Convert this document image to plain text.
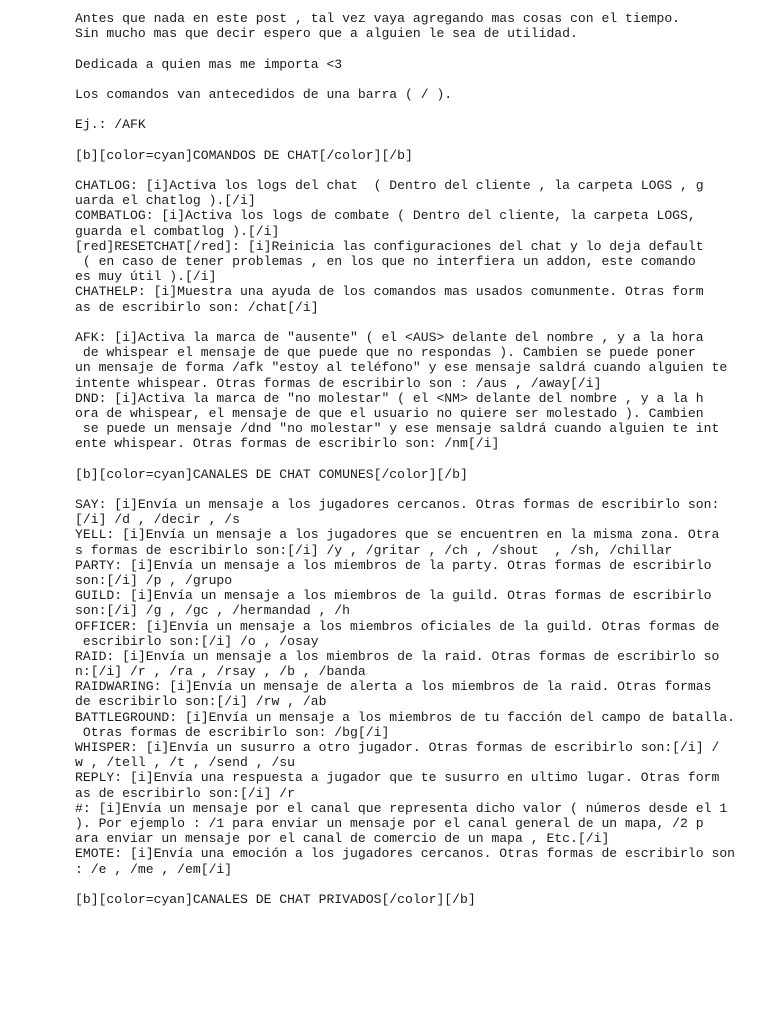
Antes que nada en este post , tal vez vaya agregando mas cosas con el tiempo.
Sin mucho mas que decir espero que a alguien le sea de utilidad.
Dedicada a quien mas me importa <3
Los comandos van antecedidos de una barra ( / ).
Ej.: /AFK
[b][color=cyan]COMANDOS DE CHAT[/color][/b]
CHATLOG: [i]Activa los logs del chat  ( Dentro del cliente , la carpeta LOGS , g
uarda el chatlog ).[/i]
COMBATLOG: [i]Activa los logs de combate ( Dentro del cliente, la carpeta LOGS,
guarda el combatlog ).[/i]
[red]RESETCHAT[/red]: [i]Reinicia las configuraciones del chat y lo deja default
( en caso de tener problemas , en los que no interfiera un addon, este comando
es muy útil ).[/i]
CHATHELP: [i]Muestra una ayuda de los comandos mas usados comunmente. Otras form
as de escribirlo son: /chat[/i]
AFK: [i]Activa la marca de "ausente" ( el <AUS> delante del nombre , y a la hora
de whispear el mensaje de que puede que no respondas ). Cambien se puede poner
un mensaje de forma /afk "estoy al teléfono" y ese mensaje saldrá cuando alguien te
intente whispear. Otras formas de escribirlo son : /aus , /away[/i]
DND: [i]Activa la marca de "no molestar" ( el <NM> delante del nombre , y a la h
ora de whispear, el mensaje de que el usuario no quiere ser molestado ). Cambien
se puede un mensaje /dnd "no molestar" y ese mensaje saldrá cuando alguien te int
ente whispear. Otras formas de escribirlo son: /nm[/i]
[b][color=cyan]CANALES DE CHAT COMUNES[/color][/b]
SAY: [i]Envía un mensaje a los jugadores cercanos. Otras formas de escribirlo son:
[/i] /d , /decir , /s
YELL: [i]Envía un mensaje a los jugadores que se encuentren en la misma zona. Otra
s formas de escribirlo son:[/i] /y , /gritar , /ch , /shout  , /sh, /chillar
PARTY: [i]Envía un mensaje a los miembros de la party. Otras formas de escribirlo
son:[/i] /p , /grupo
GUILD: [i]Envía un mensaje a los miembros de la guild. Otras formas de escribirlo
son:[/i] /g , /gc , /hermandad , /h
OFFICER: [i]Envía un mensaje a los miembros oficiales de la guild. Otras formas de
escribirlo son:[/i] /o , /osay
RAID: [i]Envía un mensaje a los miembros de la raid. Otras formas de escribirlo so
n:[/i] /r , /ra , /rsay , /b , /banda
RAIDWARING: [i]Envía un mensaje de alerta a los miembros de la raid. Otras formas
de escribirlo son:[/i] /rw , /ab
BATTLEGROUND: [i]Envía un mensaje a los miembros de tu facción del campo de batalla.
Otras formas de escribirlo son: /bg[/i]
WHISPER: [i]Envía un susurro a otro jugador. Otras formas de escribirlo son:[/i] /
w , /tell , /t , /send , /su
REPLY: [i]Envía una respuesta a jugador que te susurro en ultimo lugar. Otras form
as de escribirlo son:[/i] /r
#: [i]Envía un mensaje por el canal que representa dicho valor ( números desde el 1
). Por ejemplo : /1 para enviar un mensaje por el canal general de un mapa, /2 p
ara enviar un mensaje por el canal de comercio de un mapa , Etc.[/i]
EMOTE: [i]Envía una emoción a los jugadores cercanos. Otras formas de escribirlo son
: /e , /me , /em[/i]
[b][color=cyan]CANALES DE CHAT PRIVADOS[/color][/b]
